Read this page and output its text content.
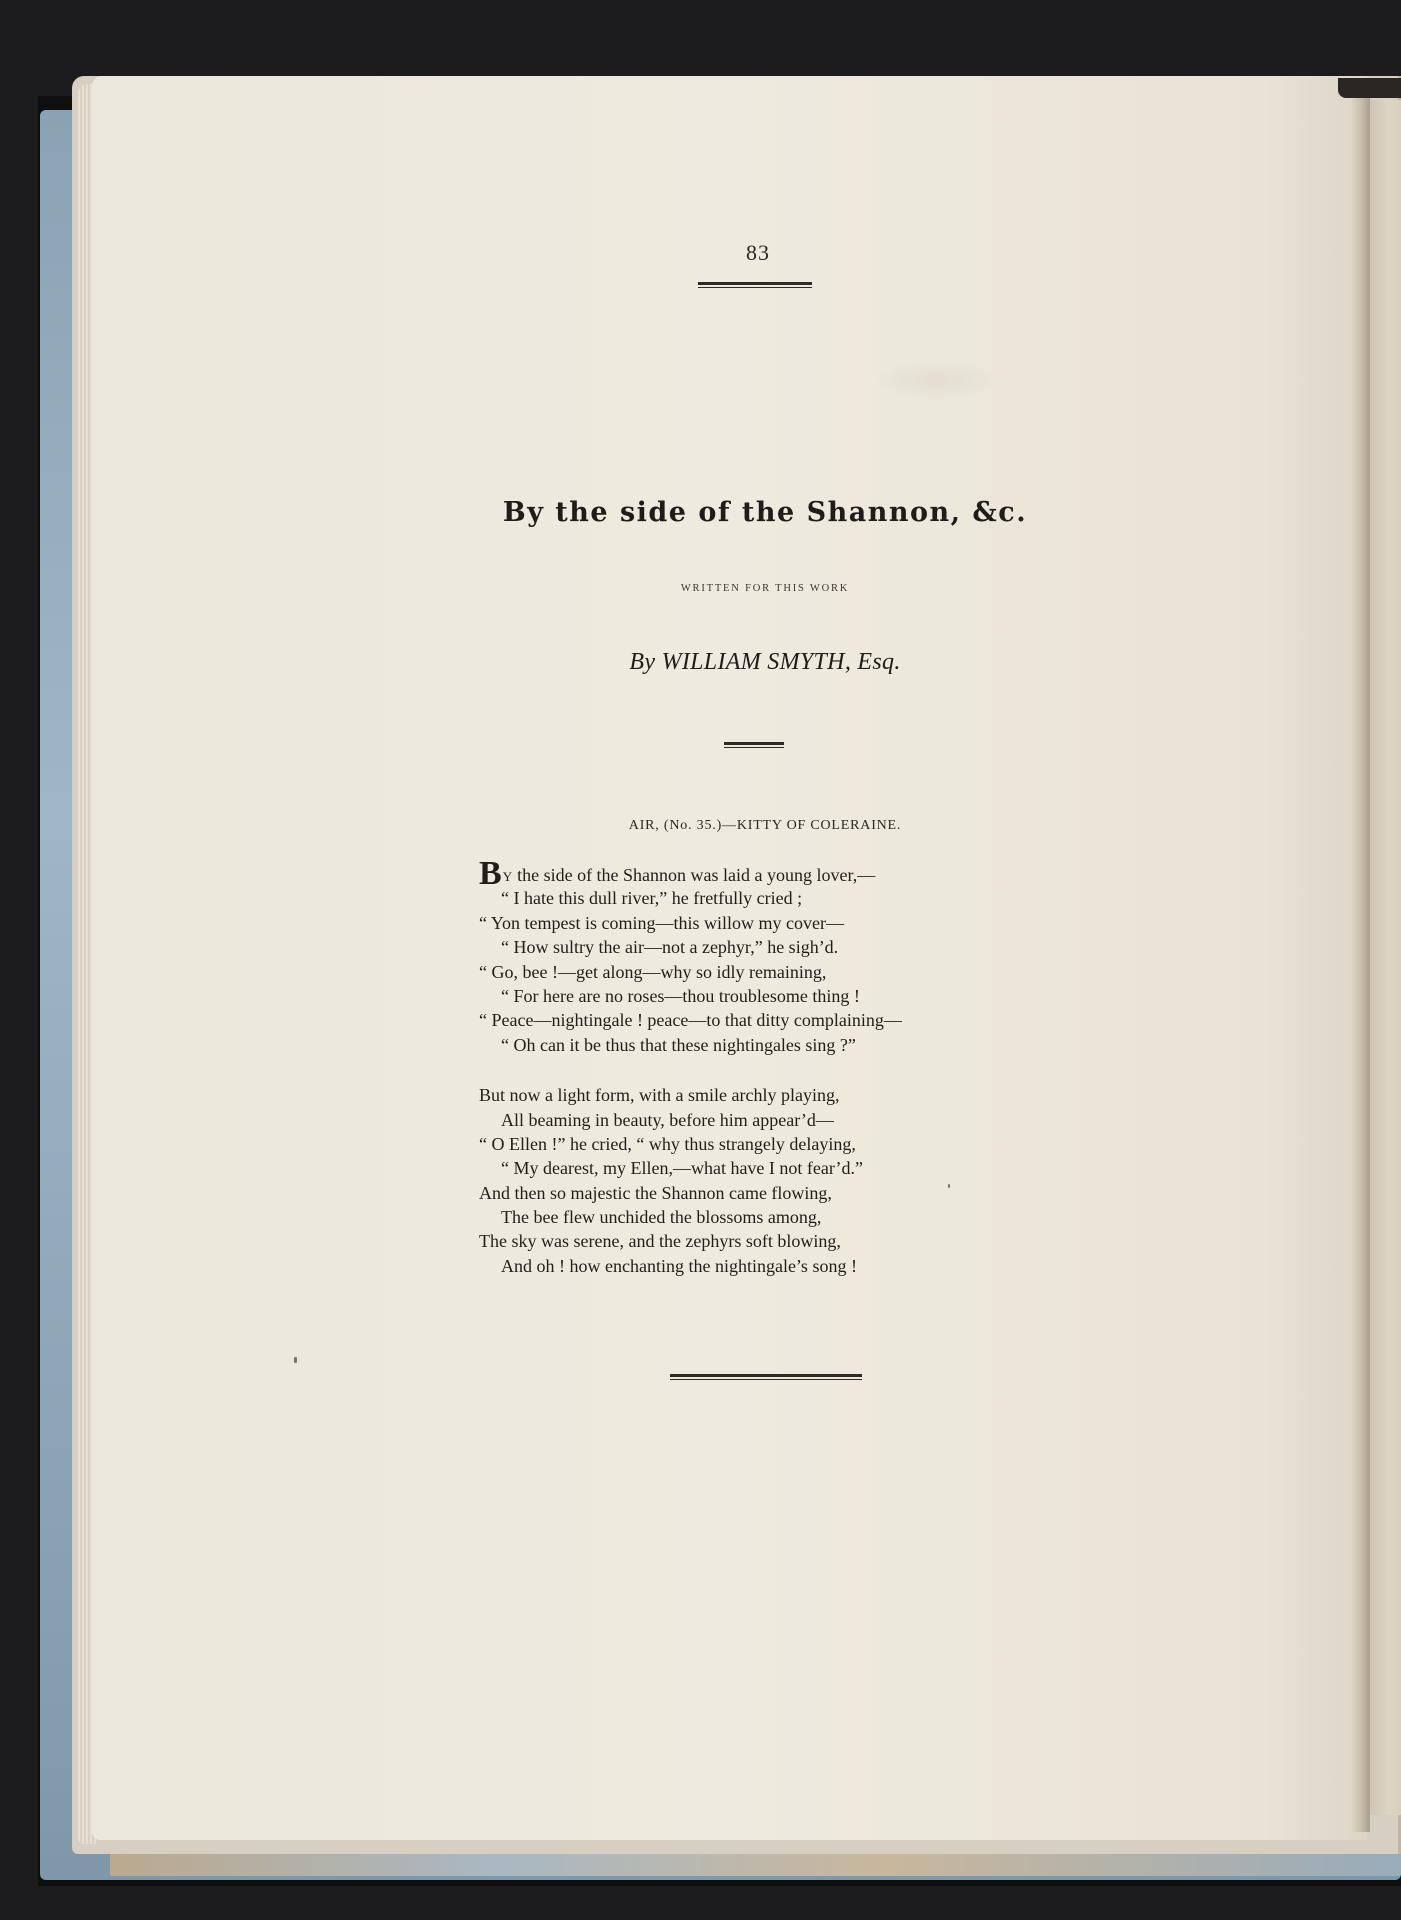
83
By the side of the Shannon, &c.
WRITTEN FOR THIS WORK
By WILLIAM SMYTH, Esq.
AIR, (No. 35.)—KITTY OF COLERAINE.
BY the side of the Shannon was laid a young lover,—
“ I hate this dull river,” he fretfully cried ;
“ Yon tempest is coming—this willow my cover—
“ How sultry the air—not a zephyr,” he sigh’d.
“ Go, bee !—get along—why so idly remaining,
“ For here are no roses—thou troublesome thing !
“ Peace—nightingale ! peace—to that ditty complaining—
“ Oh can it be thus that these nightingales sing ?”
But now a light form, with a smile archly playing,
All beaming in beauty, before him appear’d—
“ O Ellen !” he cried, “ why thus strangely delaying,
“ My dearest, my Ellen,—what have I not fear’d.”
And then so majestic the Shannon came flowing,
The bee flew unchided the blossoms among,
The sky was serene, and the zephyrs soft blowing,
And oh ! how enchanting the nightingale’s song !
